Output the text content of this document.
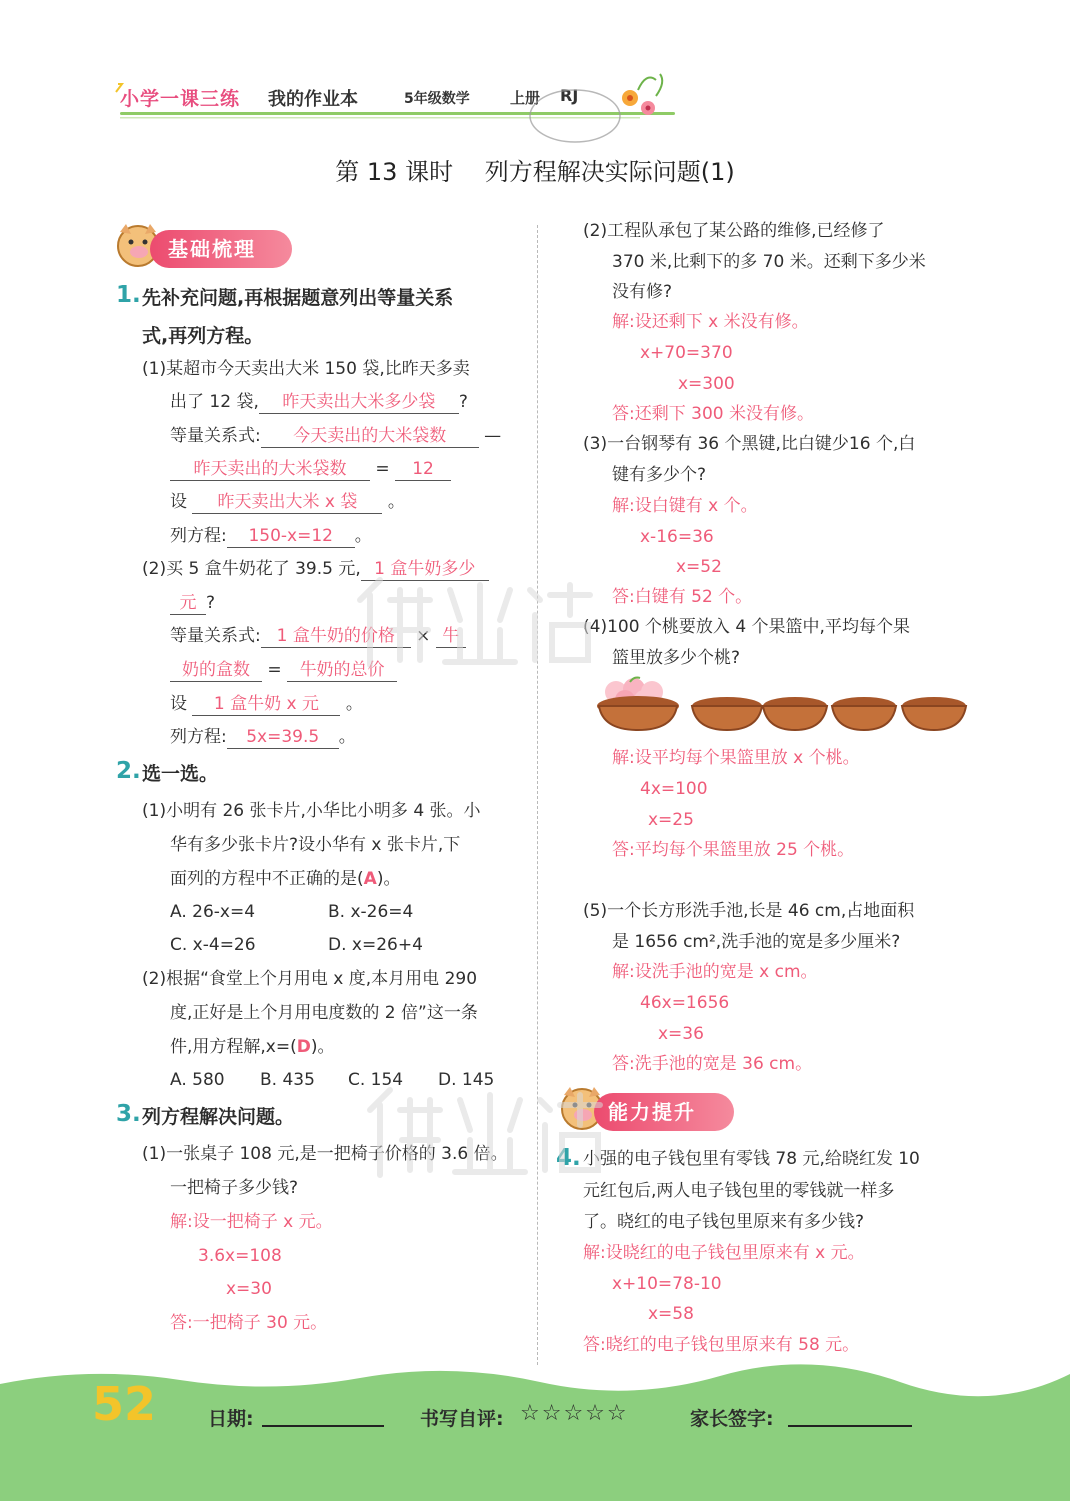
小学一课三练 我的作业本	5年级数学	上册 RJ
第 13 课时 列方程解决实际问题(1)
基础梳理
1. 先补充问题,再根据题意列出等量关系
式,再列方程。
(1)某超市今天卖出大米 150 袋,比昨天多卖
出了 12 袋, 昨天卖出大米多少袋 ?
等量关系式: 今天卖出的大米袋数 —
昨天卖出的大米袋数 = 12
设 昨天卖出大米 x 袋 。
列方程: 150-x=12 。
(2)买 5 盒牛奶花了 39.5 元, 1 盒牛奶多少
元 ?
等量关系式: 1 盒牛奶的价格 × 牛
奶的盒数 = 牛奶的总价
设 1 盒牛奶 x 元 。
列方程: 5x=39.5 。
2. 选一选。
(1)小明有 26 张卡片,小华比小明多 4 张。小
华有多少张卡片?设小华有 x 张卡片,下
面列的方程中不正确的是(A)。
A. 26-x=4	B. x-26=4
C. x-4=26	D. x=26+4
(2)根据“食堂上个月用电 x 度,本月用电 290
度,正好是上个月用电度数的 2 倍”这一条
件,用方程解,x=(D)。
A. 580 B. 435 C. 154 D. 145
3. 列方程解决问题。
(1)一张桌子 108 元,是一把椅子价格的 3.6 倍。
一把椅子多少钱?
解:设一把椅子 x 元。
3.6x=108
x=30
答:一把椅子 30 元。
(2)工程队承包了某公路的维修,已经修了
370 米,比剩下的多 70 米。还剩下多少米
没有修?
解:设还剩下 x 米没有修。
x+70=370
x=300
答:还剩下 300 米没有修。
(3)一台钢琴有 36 个黑键,比白键少16 个,白
键有多少个?
解:设白键有 x 个。
x-16=36
x=52
答:白键有 52 个。
(4)100 个桃要放入 4 个果篮中,平均每个果
篮里放多少个桃?
解:设平均每个果篮里放 x 个桃。
4x=100
x=25
答:平均每个果篮里放 25 个桃。
(5)一个长方形洗手池,长是 46 cm,占地面积
是 1656 cm²,洗手池的宽是多少厘米?
解:设洗手池的宽是 x cm。
46x=1656
x=36
答:洗手池的宽是 36 cm。
能力提升
4. 小强的电子钱包里有零钱 78 元,给晓红发 10
元红包后,两人电子钱包里的零钱就一样多
了。晓红的电子钱包里原来有多少钱?
解:设晓红的电子钱包里原来有 x 元。
x+10=78-10
x=58
答:晓红的电子钱包里原来有 58 元。
52	日期:	书写自评: ☆☆☆☆☆	家长签字:
